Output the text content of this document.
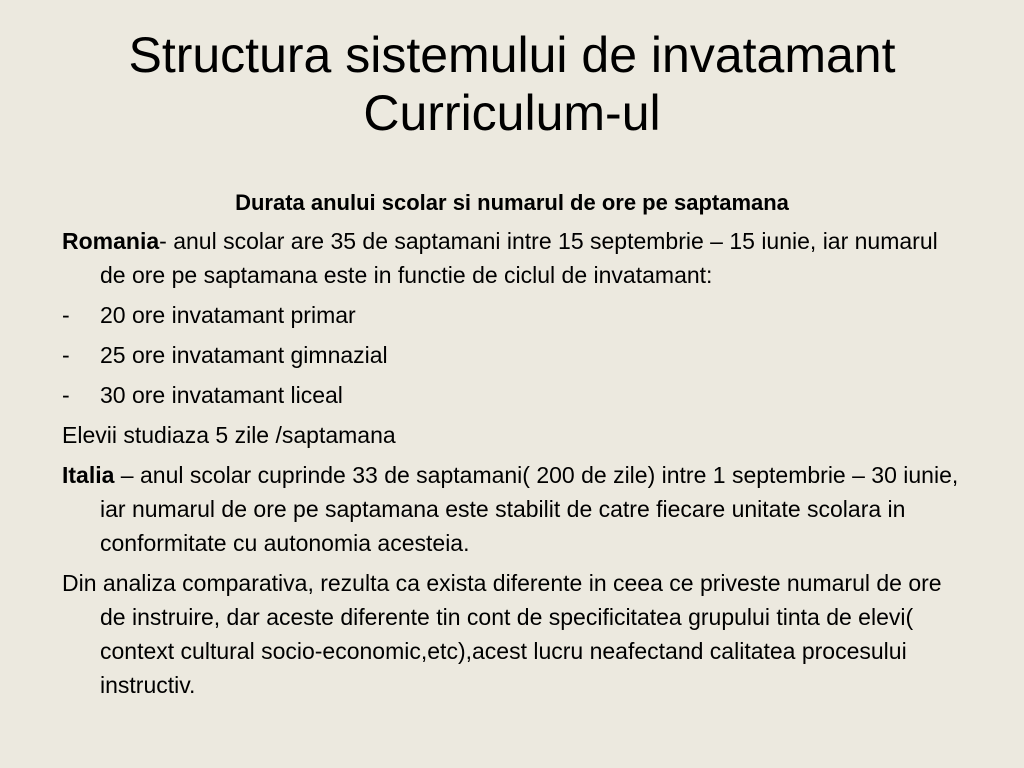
Structura sistemului de invatamant
Curriculum-ul
Durata anului scolar si numarul de ore pe saptamana

Romania- anul scolar are 35 de saptamani intre 15 septembrie – 15 iunie, iar numarul de ore pe saptamana este in functie de ciclul de invatamant:

- 20 ore invatamant primar
- 25 ore invatamant gimnazial
- 30 ore invatamant liceal

Elevii studiaza 5 zile /saptamana

Italia – anul scolar cuprinde 33 de saptamani( 200 de zile) intre 1 septembrie – 30 iunie, iar numarul de ore pe saptamana este stabilit de catre fiecare unitate scolara in conformitate cu autonomia acesteia.

Din analiza comparativa, rezulta ca exista diferente in ceea ce priveste numarul de ore de instruire, dar aceste diferente tin cont de specificitatea grupului tinta de elevi( context cultural socio-economic,etc),acest lucru neafectand calitatea procesului instructiv.
